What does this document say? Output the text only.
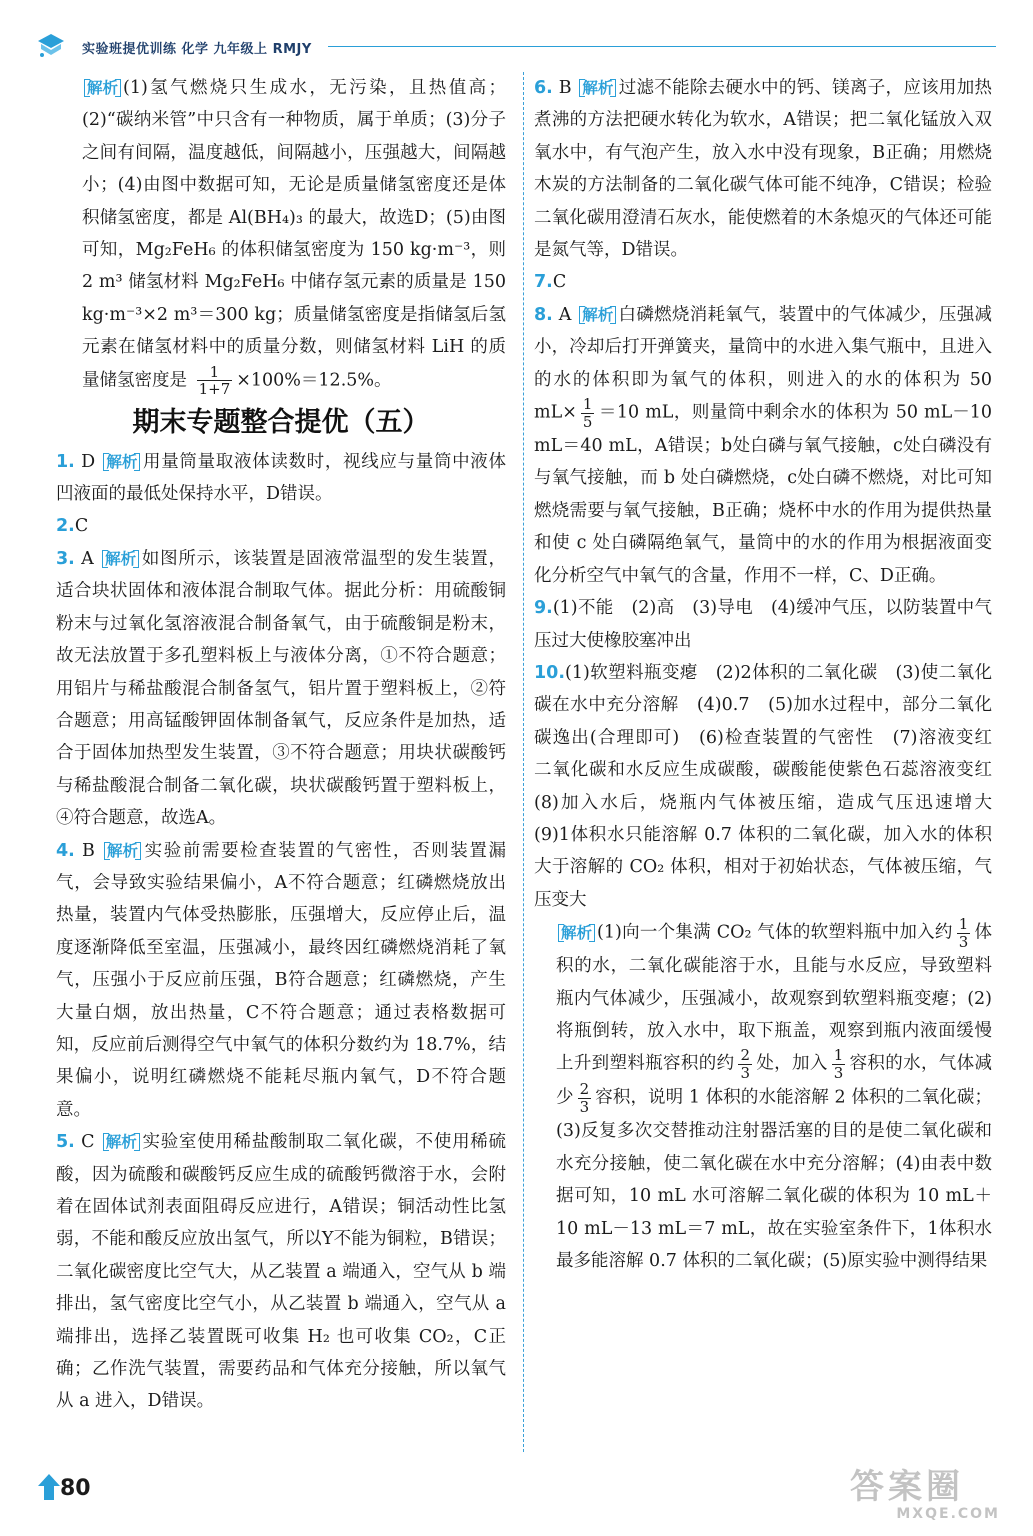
实验班提优训练 化学 九年级上 RMJY

解析 (1)氢气燃烧只生成水，无污染，且热值高；(2)“碳纳米管”中只含有一种物质，属于单质；(3)分子之间有间隔，温度越低，间隔越小，压强越大，间隔越小；(4)由图中数据可知，无论是质量储氢密度还是体积储氢密度，都是 Al(BH₄)₃ 的最大，故选D；(5)由图可知，Mg₂FeH₆ 的体积储氢密度为 150 kg·m⁻³，则 2 m³ 储氢材料 Mg₂FeH₆ 中储存氢元素的质量是 150 kg·m⁻³×2 m³＝300 kg；质量储氢密度是指储氢后氢元素在储氢材料中的质量分数，则储氢材料 LiH 的质量储氢密度是 $\frac{1}{1+7} \times 100\%=12.5\%$。

期末专题整合提优（五）

1. D 解析 用量筒量取液体读数时，视线应与量筒中液体凹液面的最低处保持水平，D错误。

2.C

3. A 解析 如图所示，该装置是固液常温型的发生装置，适合块状固体和液体混合制取气体。据此分析：用硫酸铜粉末与过氧化氢溶液混合制备氧气，由于硫酸铜是粉末，故无法放置于多孔塑料板上与液体分离，①不符合题意；用铝片与稀盐酸混合制备氢气，铝片置于塑料板上，②符合题意；用高锰酸钾固体制备氧气，反应条件是加热，适合于固体加热型发生装置，③不符合题意；用块状碳酸钙与稀盐酸混合制备二氧化碳，块状碳酸钙置于塑料板上，④符合题意，故选A。

4. B 解析 实验前需要检查装置的气密性，否则装置漏气，会导致实验结果偏小，A不符合题意；红磷燃烧放出热量，装置内气体受热膨胀，压强增大，反应停止后，温度逐渐降低至室温，压强减小，最终因红磷燃烧消耗了氧气，压强小于反应前压强，B符合题意；红磷燃烧，产生大量白烟，放出热量，C不符合题意；通过表格数据可知，反应前后测得空气中氧气的体积分数约为 18.7%，结果偏小，说明红磷燃烧不能耗尽瓶内氧气，D不符合题意。

5. C 解析 实验室使用稀盐酸制取二氧化碳，不使用稀硫酸，因为硫酸和碳酸钙反应生成的硫酸钙微溶于水，会附着在固体试剂表面阻碍反应进行，A错误；铜活动性比氢弱，不能和酸反应放出氢气，所以Y不能为铜粒，B错误；二氧化碳密度比空气大，从乙装置 a 端通入，空气从 b 端排出，氢气密度比空气小，从乙装置 b 端通入，空气从 a 端排出，选择乙装置既可收集 H₂ 也可收集 CO₂，C正确；乙作洗气装置，需要药品和气体充分接触，所以氧气从 a 进入，D错误。

6. B 解析 过滤不能除去硬水中的钙、镁离子，应该用加热煮沸的方法把硬水转化为软水，A错误；把二氧化锰放入双氧水中，有气泡产生，放入水中没有现象，B正确；用燃烧木炭的方法制备的二氧化碳气体可能不纯净，C错误；检验二氧化碳用澄清石灰水，能使燃着的木条熄灭的气体还可能是氮气等，D错误。

7.C

8. A 解析 白磷燃烧消耗氧气，装置中的气体减少，压强减小，冷却后打开弹簧夹，量筒中的水进入集气瓶中，且进入的水的体积即为氧气的体积，则进入的水的体积为 50 $mL\times \frac{1}{5} =10$ mL，则量筒中剩余水的体积为 50 mL－10 mL＝40 mL，A错误；b处白磷与氧气接触，c处白磷没有与氧气接触，而 b 处白磷燃烧，c处白磷不燃烧，对比可知燃烧需要与氧气接触，B正确；烧杯中水的作用为提供热量和使 c 处白磷隔绝氧气，量筒中的水的作用为根据液面变化分析空气中氧气的含量，作用不一样，C、D正确。

9.(1)不能　(2)高　(3)导电　(4)缓冲气压，以防装置中气压过大使橡胶塞冲出

10.(1)软塑料瓶变瘪　(2)2体积的二氧化碳　(3)使二氧化碳在水中充分溶解　(4)0.7　(5)加水过程中，部分二氧化碳逸出(合理即可)　(6)检查装置的气密性　(7)溶液变红　二氧化碳和水反应生成碳酸，碳酸能使紫色石蕊溶液变红　(8)加入水后，烧瓶内气体被压缩，造成气压迅速增大　(9)1体积水只能溶解 0.7 体积的二氧化碳，加入水的体积大于溶解的 CO₂ 体积，相对于初始状态，气体被压缩，气压变大

解析 (1)向一个集满 CO₂ 气体的软塑料瓶中加入约 $\frac{1}{3}$ 体积的水，二氧化碳能溶于水，且能与水反应，导致塑料瓶内气体减少，压强减小，故观察到软塑料瓶变瘪；(2)将瓶倒转，放入水中，取下瓶盖，观察到瓶内液面缓慢上升到塑料瓶容积的约 $\frac{2}{3}$ 处，加入 $\frac{1}{3}$ 容积的水，气体减少 $\frac{2}{3}$ 容积，说明 1 体积的水能溶解 2 体积的二氧化碳；(3)反复多次交替推动注射器活塞的目的是使二氧化碳和水充分接触，使二氧化碳在水中充分溶解；(4)由表中数据可知，10 mL 水可溶解二氧化碳的体积为 10 mL＋10 mL－13 mL＝7 mL，故在实验室条件下，1体积水最多能溶解 0.7 体积的二氧化碳；(5)原实验中测得结果

80	答案圈
MXQE.COM
